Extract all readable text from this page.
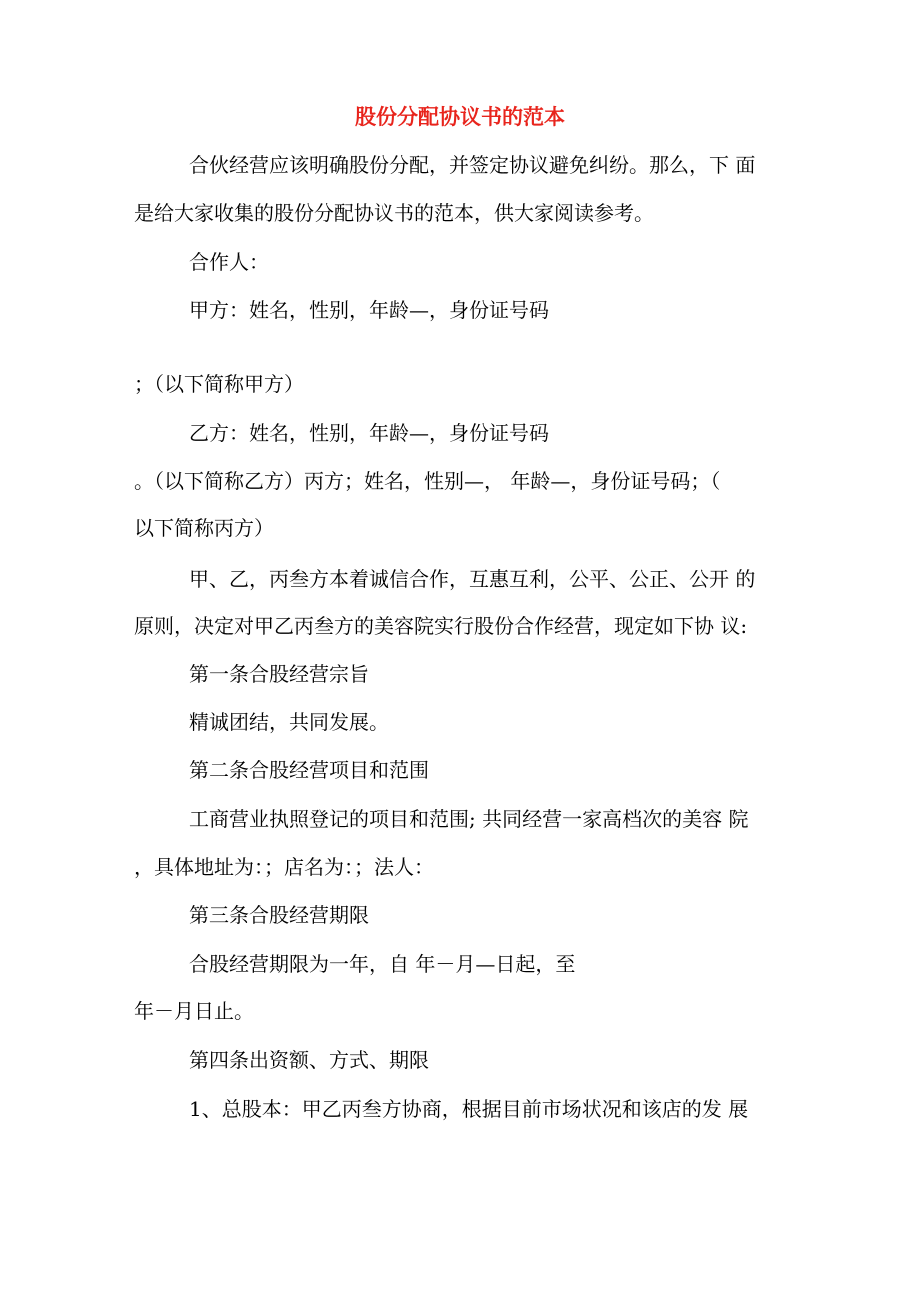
股份分配协议书的范本

合伙经营应该明确股份分配，并签定协议避免纠纷。那么，下 面

是给大家收集的股份分配协议书的范本，供大家阅读参考。

合作人：

甲方：姓名，性别，年龄—，身份证号码

；（以下简称甲方）

乙方：姓名，性别，年龄—，身份证号码

。（以下简称乙方）丙方；姓名，性别—， 年龄—，身份证号码；（

以下简称丙方）

甲、乙，丙叁方本着诚信合作，互惠互利，公平、公正、公开 的

原则，决定对甲乙丙叁方的美容院实行股份合作经营，现定如下协 议:

第一条合股经营宗旨

精诚团结，共同发展。

第二条合股经营项目和范围

工商营业执照登记的项目和范围; 共同经营一家高档次的美容 院

，具体地址为：；店名为：；法人：

第三条合股经营期限

合股经营期限为一年，自 年－月—日起，至

年－月日止。

第四条出资额、方式、期限

1、总股本：甲乙丙叁方协商，根据目前市场状况和该店的发 展
